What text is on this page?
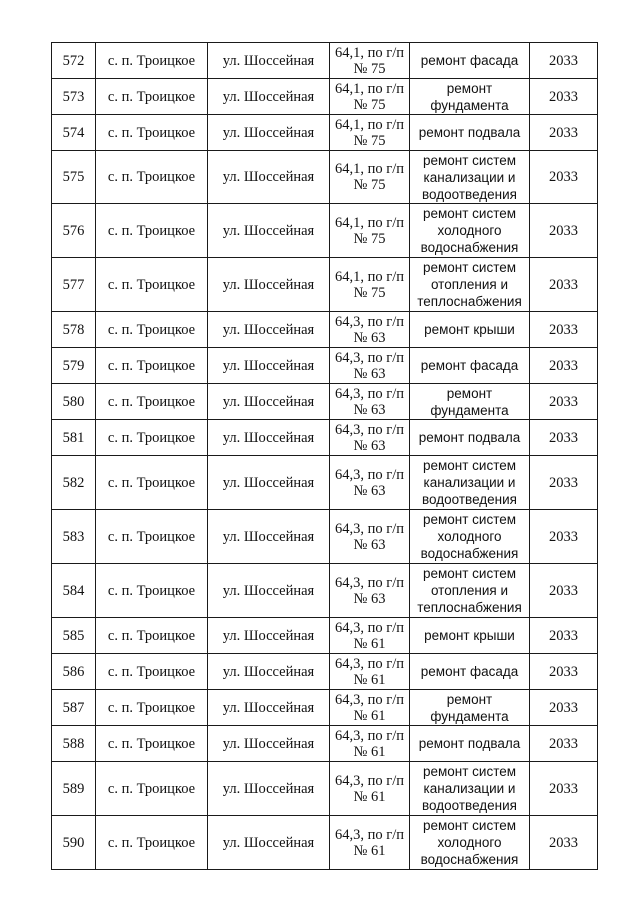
572	с. п. Троицкое	ул. Шоссейная	64,1, по г/п № 75	ремонт фасада	2033
573	с. п. Троицкое	ул. Шоссейная	64,1, по г/п № 75	ремонт фундамента	2033
574	с. п. Троицкое	ул. Шоссейная	64,1, по г/п № 75	ремонт подвала	2033
575	с. п. Троицкое	ул. Шоссейная	64,1, по г/п № 75	ремонт систем канализации и водоотведения	2033
576	с. п. Троицкое	ул. Шоссейная	64,1, по г/п № 75	ремонт систем холодного водоснабжения	2033
577	с. п. Троицкое	ул. Шоссейная	64,1, по г/п № 75	ремонт систем отопления и теплоснабжения	2033
578	с. п. Троицкое	ул. Шоссейная	64,3, по г/п № 63	ремонт крыши	2033
579	с. п. Троицкое	ул. Шоссейная	64,3, по г/п № 63	ремонт фасада	2033
580	с. п. Троицкое	ул. Шоссейная	64,3, по г/п № 63	ремонт фундамента	2033
581	с. п. Троицкое	ул. Шоссейная	64,3, по г/п № 63	ремонт подвала	2033
582	с. п. Троицкое	ул. Шоссейная	64,3, по г/п № 63	ремонт систем канализации и водоотведения	2033
583	с. п. Троицкое	ул. Шоссейная	64,3, по г/п № 63	ремонт систем холодного водоснабжения	2033
584	с. п. Троицкое	ул. Шоссейная	64,3, по г/п № 63	ремонт систем отопления и теплоснабжения	2033
585	с. п. Троицкое	ул. Шоссейная	64,3, по г/п № 61	ремонт крыши	2033
586	с. п. Троицкое	ул. Шоссейная	64,3, по г/п № 61	ремонт фасада	2033
587	с. п. Троицкое	ул. Шоссейная	64,3, по г/п № 61	ремонт фундамента	2033
588	с. п. Троицкое	ул. Шоссейная	64,3, по г/п № 61	ремонт подвала	2033
589	с. п. Троицкое	ул. Шоссейная	64,3, по г/п № 61	ремонт систем канализации и водоотведения	2033
590	с. п. Троицкое	ул. Шоссейная	64,3, по г/п № 61	ремонт систем холодного водоснабжения	2033
